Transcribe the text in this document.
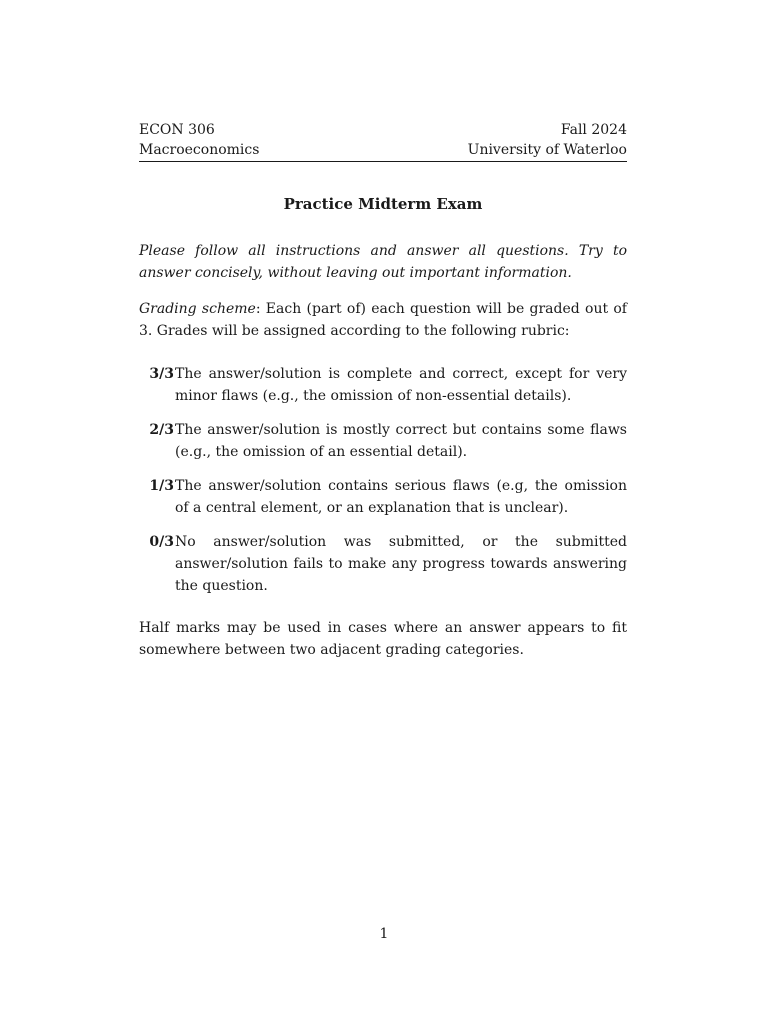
ECON 306
Macroeconomics
Fall 2024
University of Waterloo
Practice Midterm Exam

Please follow all instructions and answer all questions. Try to answer concisely, without leaving out important information.

Grading scheme: Each (part of) each question will be graded out of 3. Grades will be assigned according to the following rubric:

3/3 The answer/solution is complete and correct, except for very minor flaws (e.g., the omission of non-essential details).
2/3 The answer/solution is mostly correct but contains some flaws (e.g., the omission of an essential detail).
1/3 The answer/solution contains serious flaws (e.g, the omission of a central element, or an explanation that is unclear).
0/3 No answer/solution was submitted, or the submitted answer/solution fails to make any progress towards answering the question.

Half marks may be used in cases where an answer appears to fit somewhere between two adjacent grading categories.

1
